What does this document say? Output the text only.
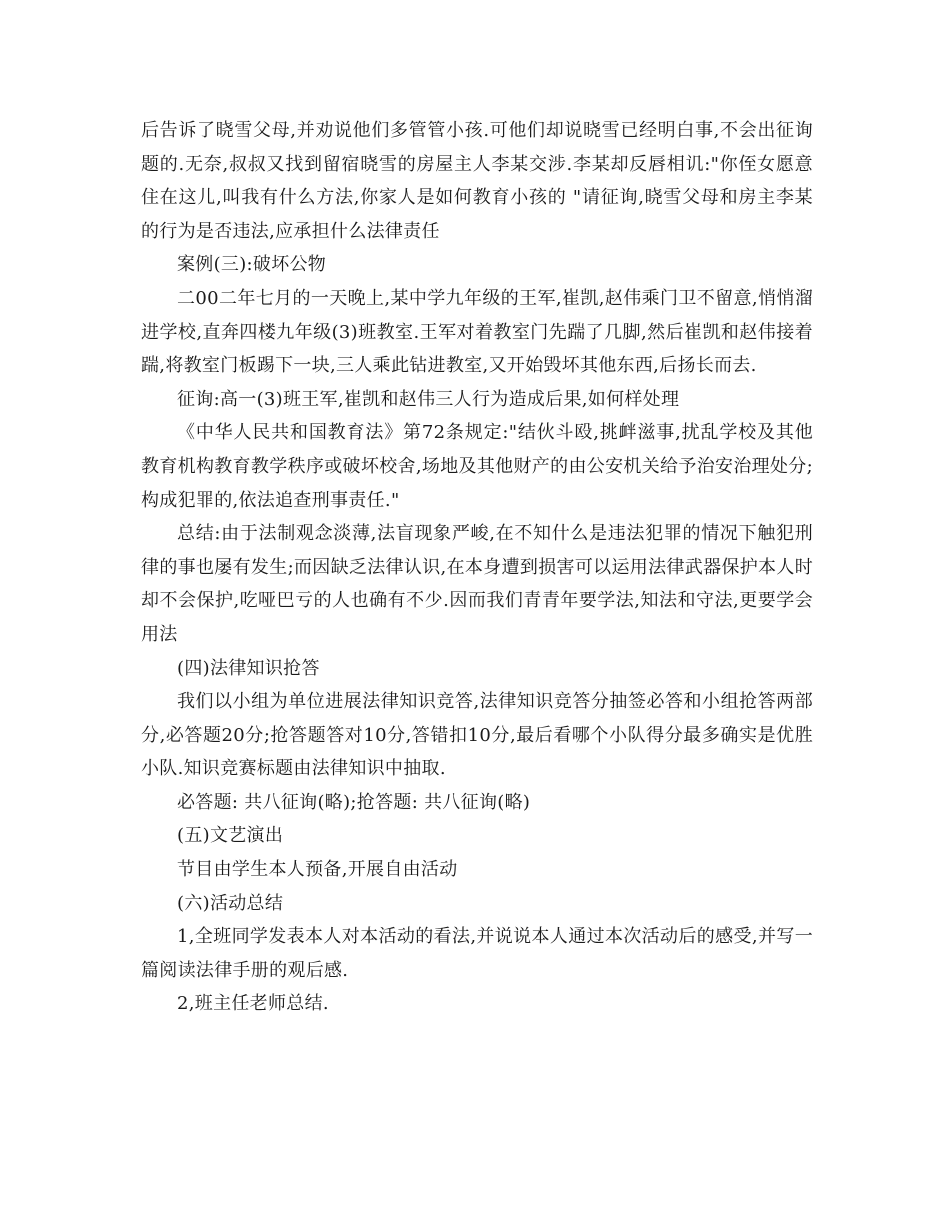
后告诉了晓雪父母,并劝说他们多管管小孩.可他们却说晓雪已经明白事,不会出征询题的.无奈,叔叔又找到留宿晓雪的房屋主人李某交涉.李某却反唇相讥:"你侄女愿意住在这儿,叫我有什么方法,你家人是如何教育小孩的 "请征询,晓雪父母和房主李某的行为是否违法,应承担什么法律责任

案例(三):破坏公物

二00二年七月的一天晚上,某中学九年级的王军,崔凯,赵伟乘门卫不留意,悄悄溜进学校,直奔四楼九年级(3)班教室.王军对着教室门先踹了几脚,然后崔凯和赵伟接着踹,将教室门板踢下一块,三人乘此钻进教室,又开始毁坏其他东西,后扬长而去.

征询:高一(3)班王军,崔凯和赵伟三人行为造成后果,如何样处理

《中华人民共和国教育法》第72条规定:"结伙斗殴,挑衅滋事,扰乱学校及其他教育机构教育教学秩序或破坏校舍,场地及其他财产的由公安机关给予治安治理处分;构成犯罪的,依法追查刑事责任."

总结:由于法制观念淡薄,法盲现象严峻,在不知什么是违法犯罪的情况下触犯刑律的事也屡有发生;而因缺乏法律认识,在本身遭到损害可以运用法律武器保护本人时却不会保护,吃哑巴亏的人也确有不少.因而我们青青年要学法,知法和守法,更要学会用法

(四)法律知识抢答

我们以小组为单位进展法律知识竞答,法律知识竞答分抽签必答和小组抢答两部分,必答题20分;抢答题答对10分,答错扣10分,最后看哪个小队得分最多确实是优胜小队.知识竞赛标题由法律知识中抽取.

必答题: 共八征询(略);抢答题: 共八征询(略)

(五)文艺演出

节目由学生本人预备,开展自由活动

(六)活动总结

1,全班同学发表本人对本活动的看法,并说说本人通过本次活动后的感受,并写一篇阅读法律手册的观后感.

2,班主任老师总结.
